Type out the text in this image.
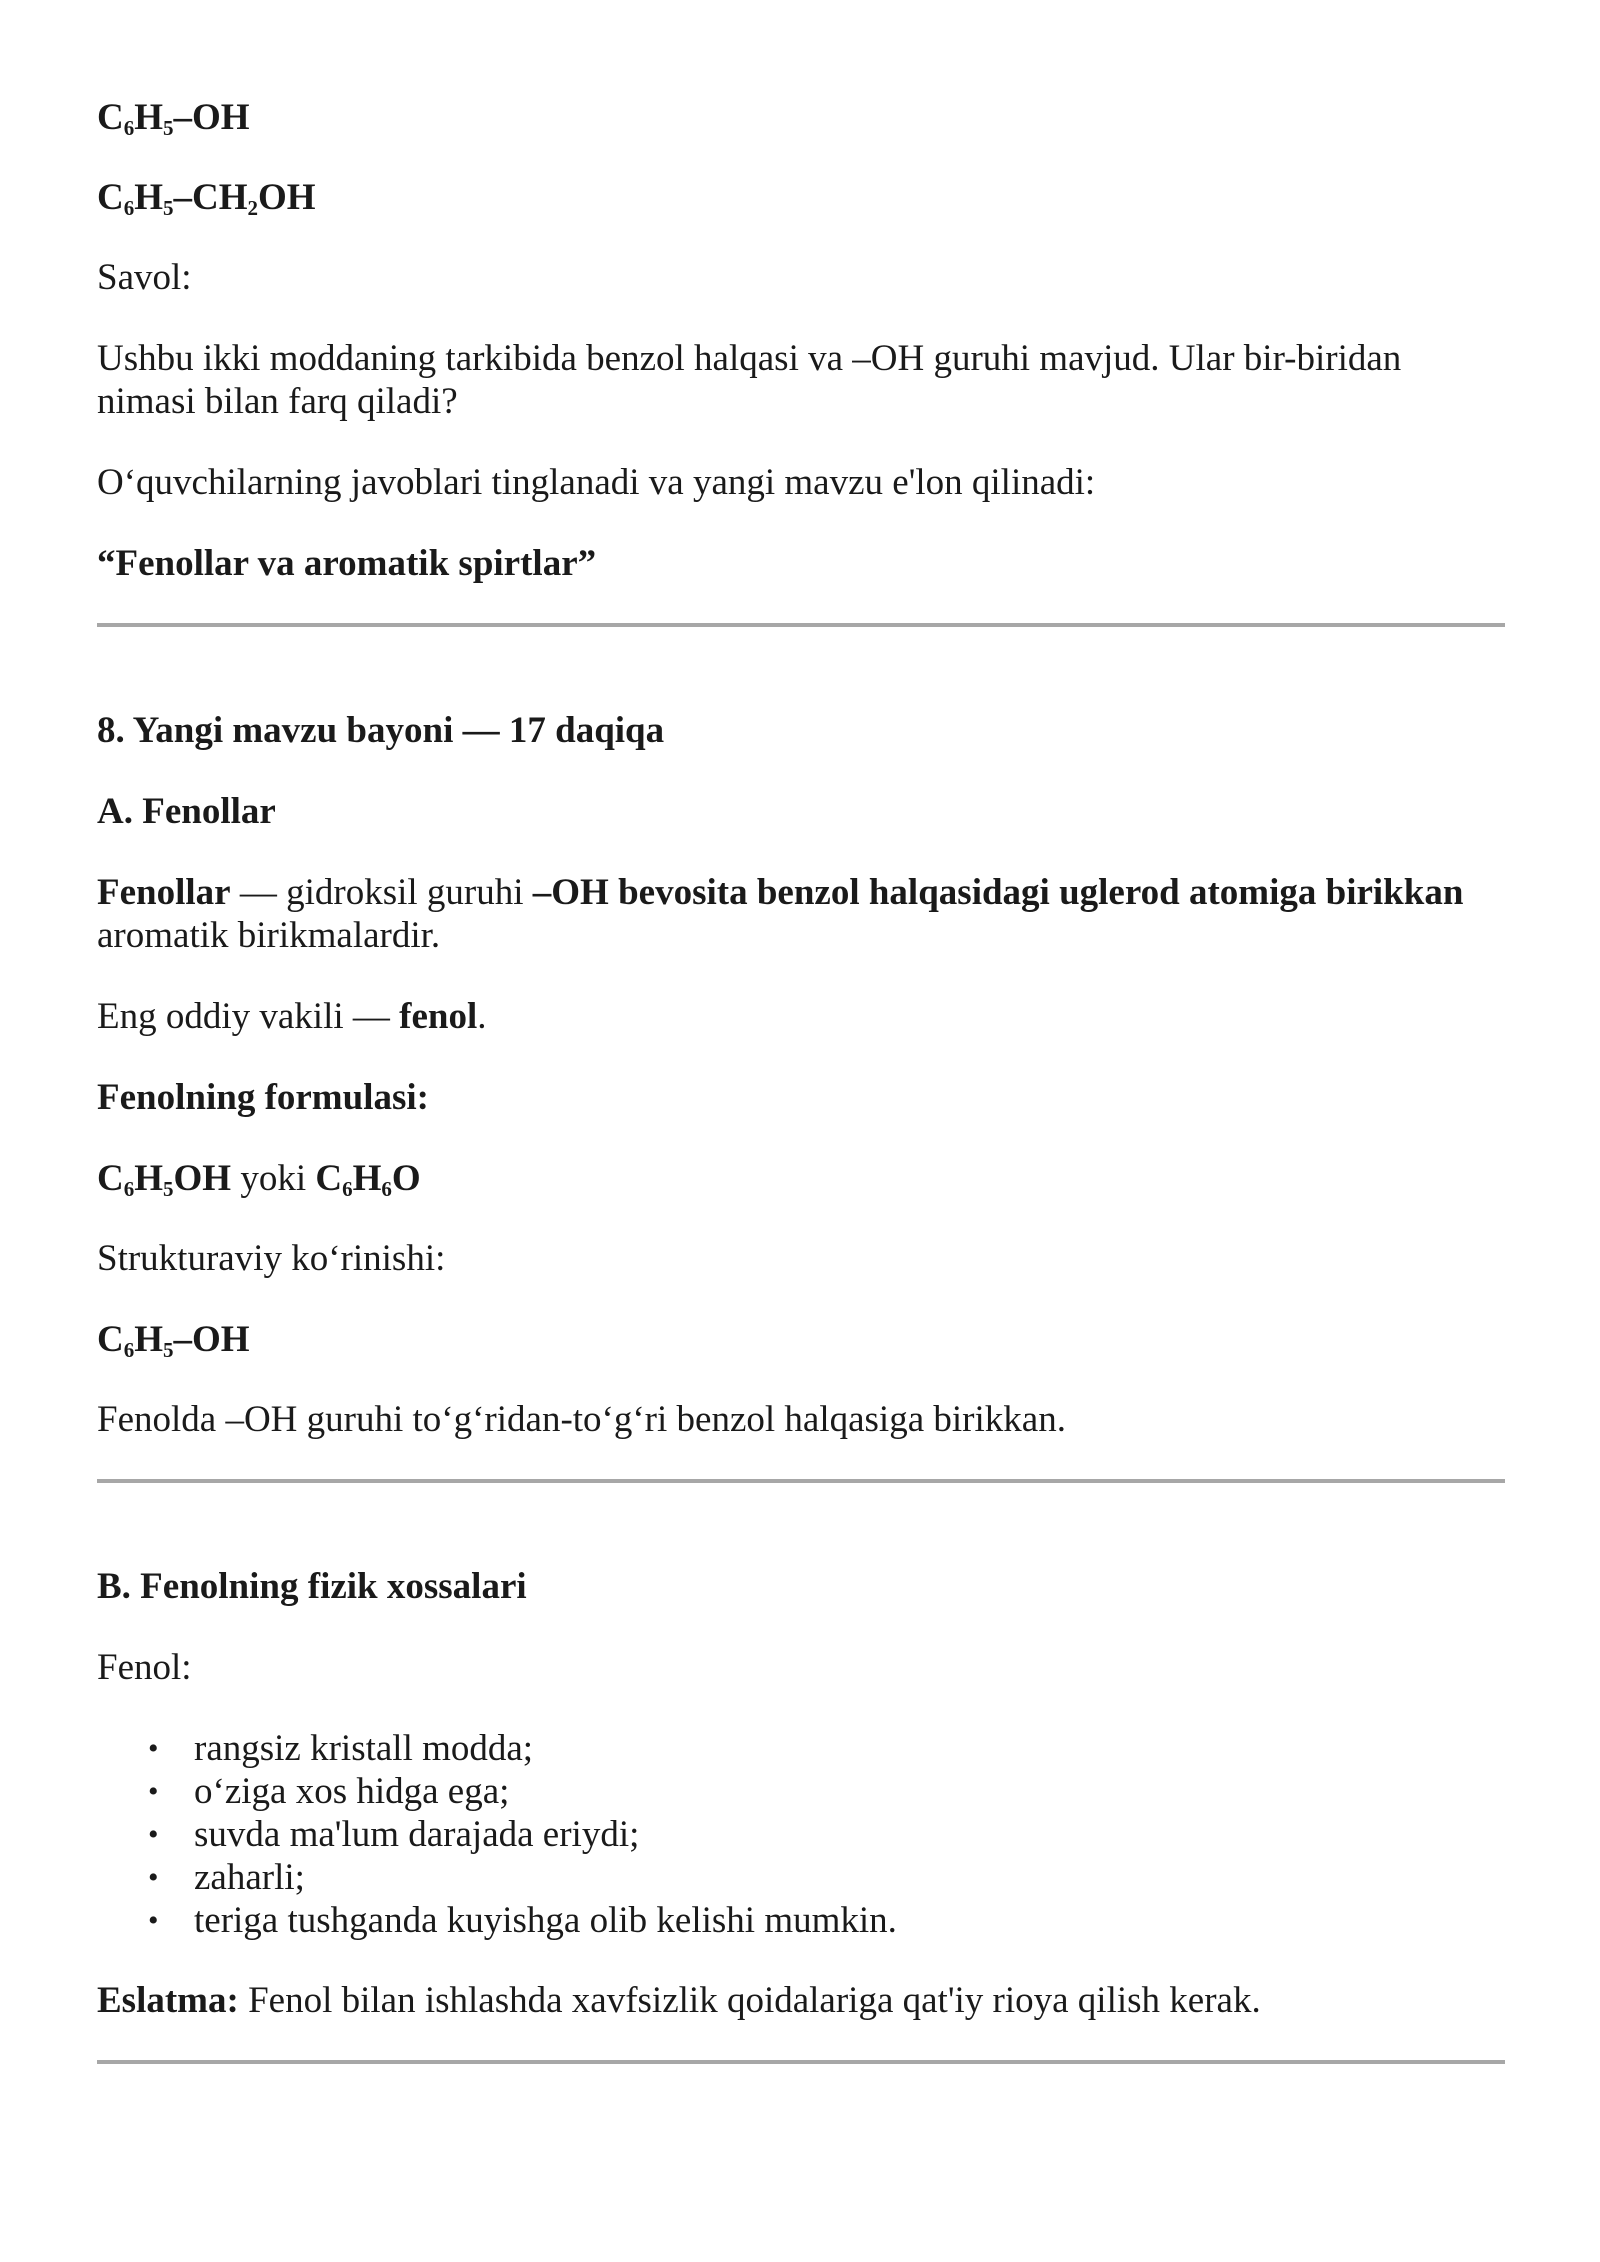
$C_6H_5-OH$

$C_6H_5-CH_2OH$

Savol:

Ushbu ikki moddaning tarkibida benzol halqasi va –OH guruhi mavjud. Ular bir-biridan nimasi bilan farq qiladi?

O‘quvchilarning javoblari tinglanadi va yangi mavzu e'lon qilinadi:

“Fenollar va aromatik spirtlar”

8. Yangi mavzu bayoni — 17 daqiqa

A. Fenollar

Fenollar — gidroksil guruhi –OH bevosita benzol halqasidagi uglerod atomiga birikkan aromatik birikmalardir.

Eng oddiy vakili — fenol.

Fenolning formulasi:

$C_6H_5OH$ yoki $C_6H_6O$

Strukturaviy ko‘rinishi:

$C_6H_5-OH$

Fenolda –OH guruhi to‘g‘ridan-to‘g‘ri benzol halqasiga birikkan.

B. Fenolning fizik xossalari

Fenol:

• rangsiz kristall modda;
• o‘ziga xos hidga ega;
• suvda ma'lum darajada eriydi;
• zaharli;
• teriga tushganda kuyishga olib kelishi mumkin.

Eslatma: Fenol bilan ishlashda xavfsizlik qoidalariga qat'iy rioya qilish kerak.
